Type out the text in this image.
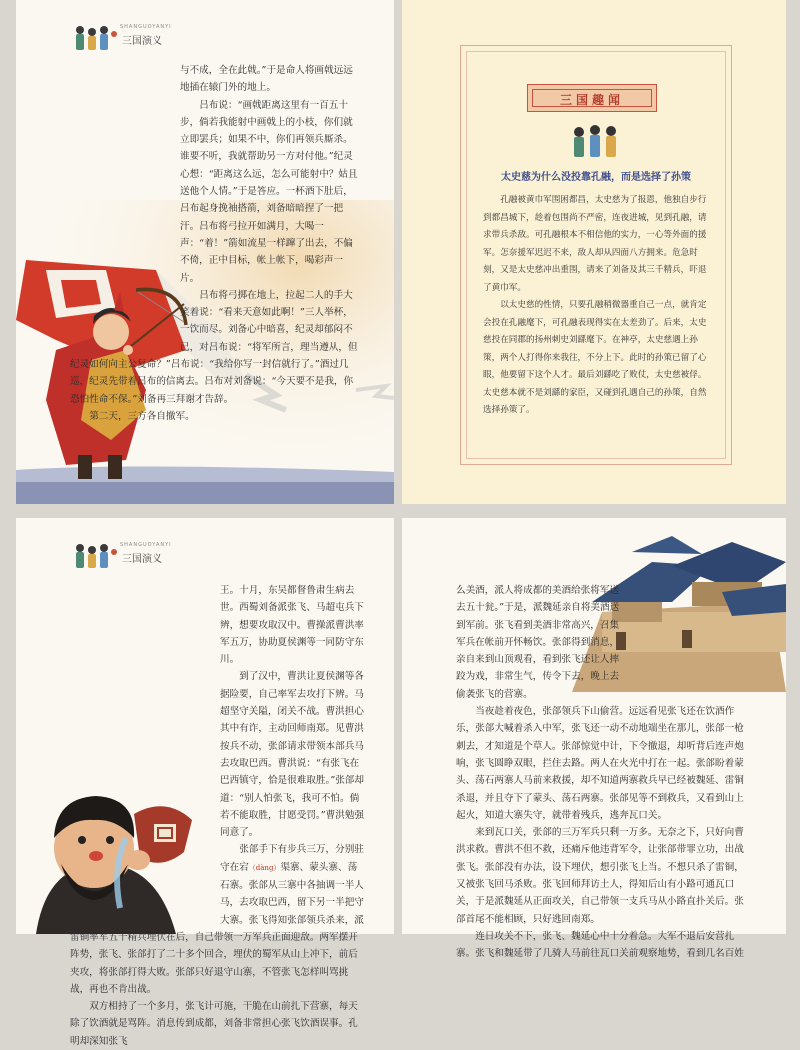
SHANGUOYANYI
三国演义

与不成，全在此戟。”于是命人将画戟远远地插在辕门外的地上。

吕布说：“画戟距离这里有一百五十步，倘若我能射中画戟上的小枝，你们就立即罢兵；如果不中，你们再领兵厮杀。谁要不听，我就帮助另一方对付他。”纪灵心想：“距离这么远，怎么可能射中？姑且送他个人情。”于是答应。一杯酒下肚后，吕布起身挽袖搭箭，刘备暗暗捏了一把汗。吕布将弓拉开如满月，大喝一声：“着！”箭如流星一样蹿了出去，不偏不倚，正中目标，帐上帐下，喝彩声一片。

吕布将弓掷在地上，拉起二人的手大笑着说：“看来天意如此啊！”三人举杯，一饮而尽。刘备心中暗喜，纪灵却郁闷不已，对吕布说：“将军所言，理当遵从，但纪灵如何向主公复命？”吕布说：“我给你写一封信就行了。”酒过几巡，纪灵先带着吕布的信离去。吕布对刘备说：“今天要不是我，你恐怕性命不保。”刘备再三拜谢才告辞。

第二天，三方各自撤军。

三国趣闻
太史慈为什么没投靠孔融，而是选择了孙策

孔融被黄巾军围困都昌，太史慈为了报恩，他独自步行到都昌城下，趁着包围尚不严密，连夜进城，见到孔融，请求带兵杀敌。可孔融根本不相信他的实力，一心等外面的援军。怎奈援军迟迟不来，敌人却从四面八方拥来。危急时刻，又是太史慈冲出重围，请来了刘备及其三千精兵，吓退了黄巾军。

以太史慈的性情，只要孔融稍微器重自己一点，就肯定会投在孔融麾下，可孔融表现得实在太差劲了。后来，太史慈投在同郡的扬州刺史刘繇麾下。在神亭，太史慈遇上孙策，两个人打得你来我往，不分上下。此时的孙策已留了心眼，他要留下这个人才。最后刘繇吃了败仗，太史慈被俘。太史慈本就不是刘繇的家臣，又碰到孔遇自己的孙策，自然选择孙策了。

SHANGUOYANYI
三国演义

王。十月，东吴都督鲁肃生病去世。西蜀刘备派张飞、马超屯兵下辨，想要攻取汉中。曹操派曹洪率军五万，协助夏侯渊等一同防守东川。

到了汉中，曹洪让夏侯渊等各据险要，自己率军去攻打下辨。马超坚守关隘，闭关不战。曹洪担心其中有诈，主动回师南郑。见曹洪按兵不动，张郃请求带领本部兵马去攻取巴西。曹洪说：“有张飞在巴西镇守，恰是很难取胜。”张郃却道：“别人怕张飞，我可不怕。倘若不能取胜，甘愿受罚。”曹洪勉强同意了。

张郃手下有步兵三万，分别驻守在宕（dàng）渠寨、蒙头寨、荡石寨。张郃从三寨中各抽调一半人马，去攻取巴西，留下另一半把守大寨。张飞得知张郃领兵杀来，派雷铜率军五千精兵埋伏在后，自己带领一万军兵正面迎敌。两军摆开阵势，张飞、张郃打了二十多个回合，埋伏的蜀军从山上冲下，前后夹攻，将张郃打得大败。张郃只好退守山寨，不管张飞怎样叫骂挑战，再也不肯出战。

双方相持了一个多月，张飞计可施，干脆在山前扎下营寨，每天除了饮酒就是骂阵。消息传到成都，刘备非常担心张飞饮酒误事。孔明却深知张飞

么美酒，派人将成都的美酒给张将军送去五十瓮。”于是，派魏延亲自将美酒送到军前。张飞看到美酒非常高兴，召集军兵在帐前开怀畅饮。张郃得到消息，亲自来到山顶观看，看到张飞还让人摔跤为戏，非常生气，传令下去，晚上去偷袭张飞的营寨。

当夜趁着夜色，张郃领兵下山偷营。远远看见张飞还在饮酒作乐，张郃大喊着杀入中军，张飞还一动不动地端坐在那儿，张郃一枪刺去，才知道是个草人。张郃惊觉中计，下令撤退，却听背后连声炮响，张飞圆睁双眼，拦住去路。两人在火光中打在一起。张郃盼着蒙头、荡石两寨人马前来救援，却不知道两寨救兵早已经被魏延、雷铜杀退，并且夺下了蒙头、荡石两寨。张郃见等不到救兵，又看到山上起火，知道大寨失守，就带着残兵，逃奔瓦口关。

来到瓦口关，张郃的三万军兵只剩一万多。无奈之下，只好向曹洪求救。曹洪不但不救，还痛斥他违背军令，让张郃带罪立功，出战张飞。张郃没有办法，设下埋伏，想引张飞上当。不想只杀了雷铜，又被张飞回马杀败。张飞回师拜访土人，得知后山有小路可通瓦口关，于是派魏延从正面攻关，自己带领一支兵马从小路直扑关后。张郃首尾不能相顾，只好逃回南郑。

连日攻关不下，张飞、魏延心中十分着急。大军不退后安营扎寨。张飞和魏延带了几骑人马前往瓦口关前观察地势，看到几名百姓
